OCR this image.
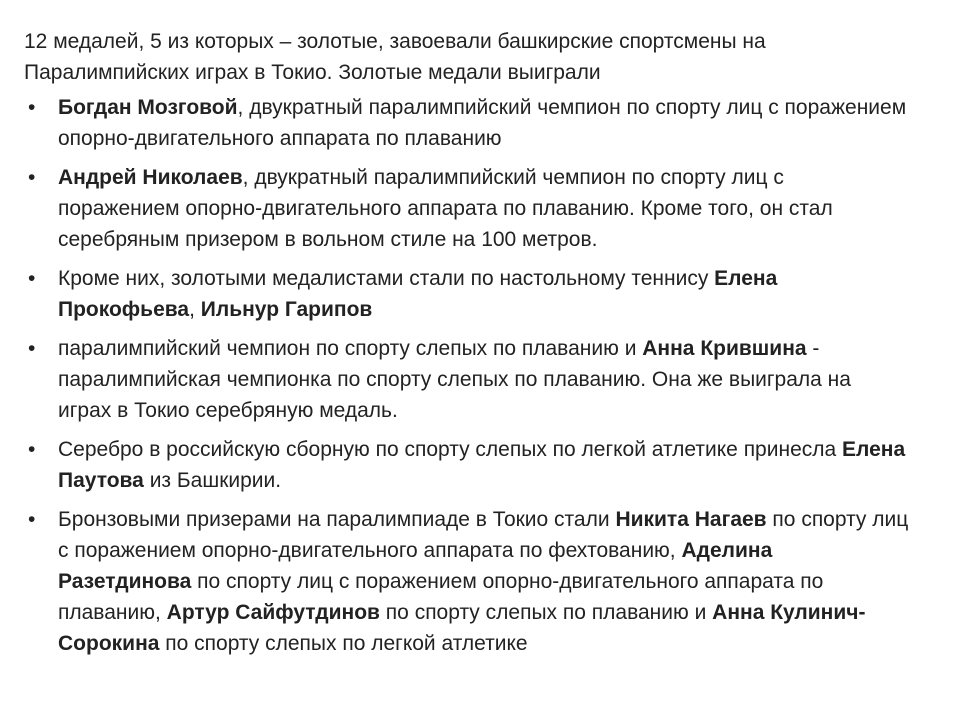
12 медалей, 5 из которых – золотые, завоевали башкирские спортсмены на Паралимпийских играх в Токио. Золотые медали выиграли

• Богдан Мозговой, двукратный паралимпийский чемпион по спорту лиц с поражением опорно-двигательного аппарата по плаванию
• Андрей Николаев, двукратный паралимпийский чемпион по спорту лиц с поражением опорно-двигательного аппарата по плаванию. Кроме того, он стал серебряным призером в вольном стиле на 100 метров.
• Кроме них, золотыми медалистами стали по настольному теннису Елена Прокофьева, Ильнур Гарипов
• паралимпийский чемпион по спорту слепых по плаванию и Анна Крившина - паралимпийская чемпионка по спорту слепых по плаванию. Она же выиграла на играх в Токио серебряную медаль.
• Серебро в российскую сборную по спорту слепых по легкой атлетике принесла Елена Паутова из Башкирии.
• Бронзовыми призерами на паралимпиаде в Токио стали Никита Нагаев по спорту лиц с поражением опорно-двигательного аппарата по фехтованию, Аделина Разетдинова по спорту лиц с поражением опорно-двигательного аппарата по плаванию, Артур Сайфутдинов по спорту слепых по плаванию и Анна Кулинич-Сорокина по спорту слепых по легкой атлетике
